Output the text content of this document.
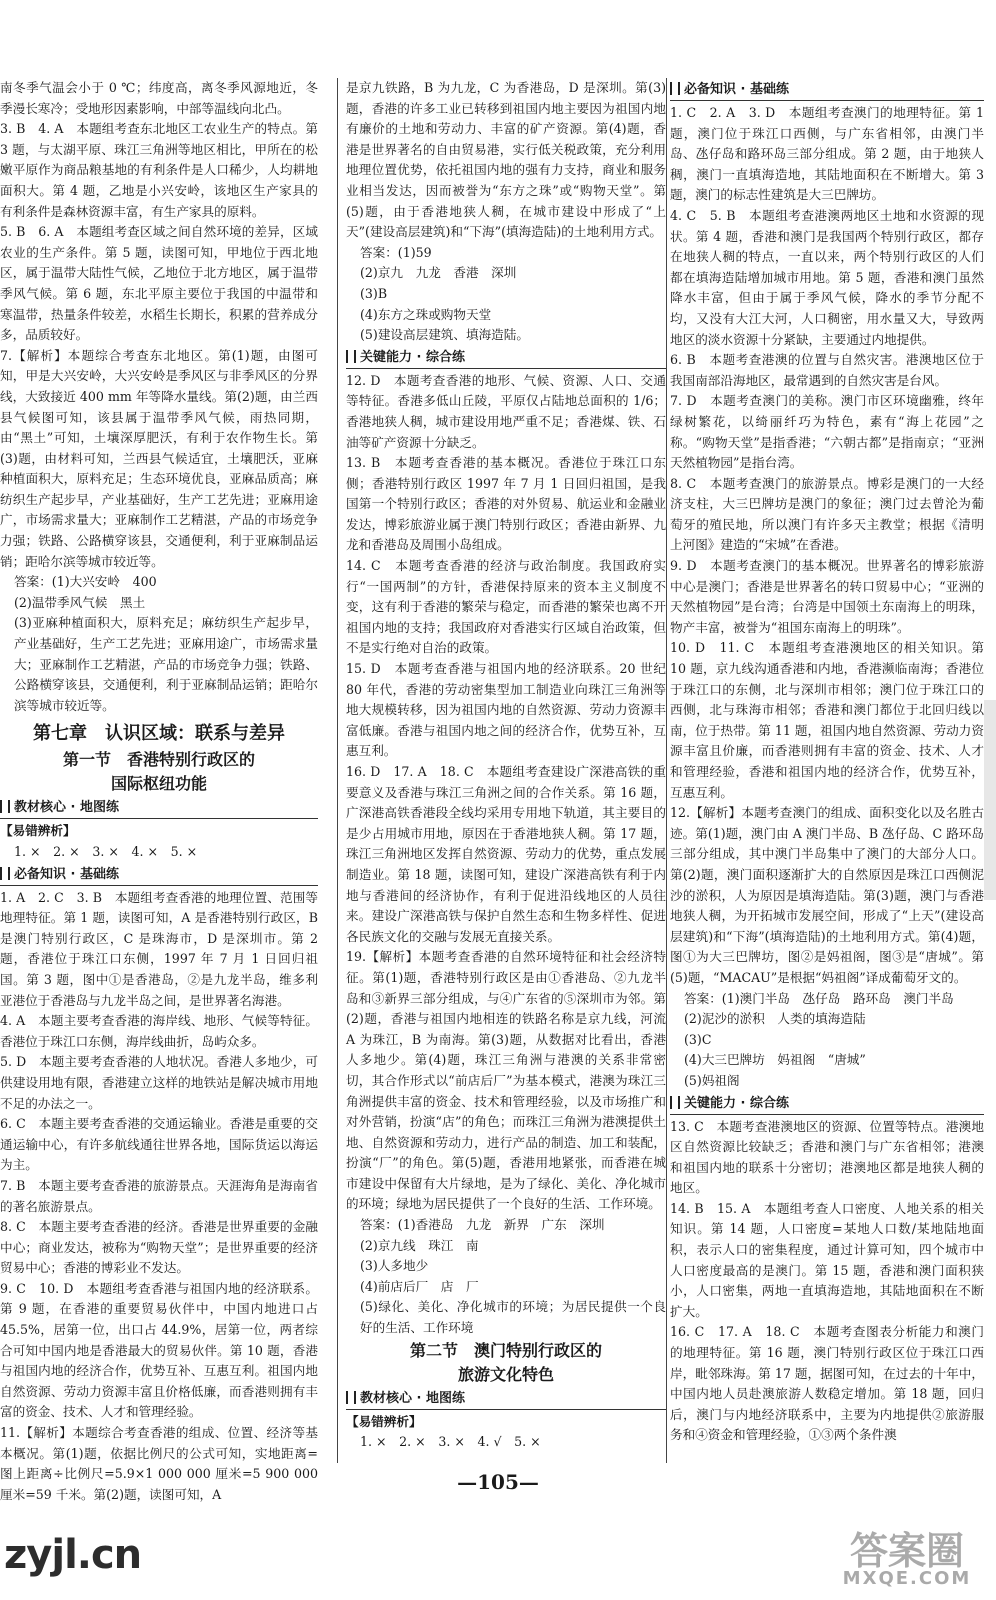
南冬季气温会小于 0 ℃；纬度高，离冬季风源地近，冬季漫长寒冷；受地形因素影响，中部等温线向北凸。
3. B　4. A　本题组考查东北地区工农业生产的特点。第 3 题，与太湖平原、珠江三角洲等地区相比，甲所在的松嫩平原作为商品粮基地的有利条件是人口稀少，人均耕地面积大。第 4 题，乙地是小兴安岭，该地区生产家具的有利条件是森林资源丰富，有生产家具的原料。
5. B　6. A　本题组考查区域之间自然环境的差异，区域农业的生产条件。第 5 题，读图可知，甲地位于西北地区，属于温带大陆性气候，乙地位于北方地区，属于温带季风气候。第 6 题，东北平原主要位于我国的中温带和寒温带，热量条件较差，水稻生长期长，积累的营养成分多，品质较好。
7.【解析】本题综合考查东北地区。第(1)题，由图可知，甲是大兴安岭，大兴安岭是季风区与非季风区的分界线，大致接近 400 mm 年等降水量线。第(2)题，由兰西县气候图可知，该县属于温带季风气候，雨热同期，由“黑土”可知，土壤深厚肥沃，有利于农作物生长。第(3)题，由材料可知，兰西县气候适宜，土壤肥沃，亚麻种植面积大，原料充足；生态环境优良，亚麻品质高；麻纺织生产起步早，产业基础好，生产工艺先进；亚麻用途广，市场需求量大；亚麻制作工艺精湛，产品的市场竞争力强；铁路、公路横穿该县，交通便利，利于亚麻制品运销；距哈尔滨等城市较近等。
答案：(1)大兴安岭　400
(2)温带季风气候　黑土
(3)亚麻种植面积大，原料充足；麻纺织生产起步早，产业基础好，生产工艺先进；亚麻用途广，市场需求量大；亚麻制作工艺精湛，产品的市场竞争力强；铁路、公路横穿该县，交通便利，利于亚麻制品运销；距哈尔滨等城市较近等。
第七章　认识区域：联系与差异
第一节　香港特别行政区的
国际枢纽功能
教材核心 · 地图练
【易错辨析】
1. ×　2. ×　3. ×　4. ×　5. ×
必备知识 · 基础练
1. A　2. C　3. B　本题组考查香港的地理位置、范围等地理特征。第 1 题，读图可知，A 是香港特别行政区，B 是澳门特别行政区，C 是珠海市，D 是深圳市。第 2 题，香港位于珠江口东侧，1997 年 7 月 1 日回归祖国。第 3 题，图中①是香港岛，②是九龙半岛，维多利亚港位于香港岛与九龙半岛之间，是世界著名海港。
4. A　本题主要考查香港的海岸线、地形、气候等特征。香港位于珠江口东侧，海岸线曲折，岛屿众多。
5. D　本题主要考查香港的人地状况。香港人多地少，可供建设用地有限，香港建立这样的地铁站是解决城市用地不足的办法之一。
6. C　本题主要考查香港的交通运输业。香港是重要的交通运输中心，有许多航线通往世界各地，国际货运以海运为主。
7. B　本题主要考查香港的旅游景点。天涯海角是海南省的著名旅游景点。
8. C　本题主要考查香港的经济。香港是世界重要的金融中心；商业发达，被称为“购物天堂”；是世界重要的经济贸易中心；香港的博彩业不发达。
9. C　10. D　本题组考查香港与祖国内地的经济联系。第 9 题，在香港的重要贸易伙伴中，中国内地进口占 45.5%，居第一位，出口占 44.9%，居第一位，两者综合可知中国内地是香港最大的贸易伙伴。第 10 题，香港与祖国内地的经济合作，优势互补、互惠互利。祖国内地自然资源、劳动力资源丰富且价格低廉，而香港则拥有丰富的资金、技术、人才和管理经验。
11.【解析】本题综合考查香港的组成、位置、经济等基本概况。第(1)题，依据比例尺的公式可知，实地距离=图上距离÷比例尺=5.9×1 000 000 厘米=5 900 000 厘米=59 千米。第(2)题，读图可知，A
是京九铁路，B 为九龙，C 为香港岛，D 是深圳。第(3)题，香港的许多工业已转移到祖国内地主要因为祖国内地有廉价的土地和劳动力、丰富的矿产资源。第(4)题，香港是世界著名的自由贸易港，实行低关税政策，充分利用地理位置优势，依托祖国内地的强有力支持，商业和服务业相当发达，因而被誉为“东方之珠”或“购物天堂”。第(5)题，由于香港地狭人稠，在城市建设中形成了“上天”(建设高层建筑)和“下海”(填海造陆)的土地利用方式。
答案：(1)59
(2)京九　九龙　香港　深圳
(3)B
(4)东方之珠或购物天堂
(5)建设高层建筑、填海造陆。
关键能力 · 综合练
12. D　本题考查香港的地形、气候、资源、人口、交通等特征。香港多低山丘陵，平原仅占陆地总面积的 1/6；香港地狭人稠，城市建设用地严重不足；香港煤、铁、石油等矿产资源十分缺乏。
13. B　本题考查香港的基本概况。香港位于珠江口东侧；香港特别行政区 1997 年 7 月 1 日回归祖国，是我国第一个特别行政区；香港的对外贸易、航运业和金融业发达，博彩旅游业属于澳门特别行政区；香港由新界、九龙和香港岛及周围小岛组成。
14. C　本题考查香港的经济与政治制度。我国政府实行“一国两制”的方针，香港保持原来的资本主义制度不变，这有利于香港的繁荣与稳定，而香港的繁荣也离不开祖国内地的支持；我国政府对香港实行区域自治政策，但不是实行绝对自治的政策。
15. D　本题考查香港与祖国内地的经济联系。20 世纪 80 年代，香港的劳动密集型加工制造业向珠江三角洲等地大规模转移，因为祖国内地的自然资源、劳动力资源丰富低廉。香港与祖国内地之间的经济合作，优势互补，互惠互利。
16. D　17. A　18. C　本题组考查建设广深港高铁的重要意义及香港与珠江三角洲之间的合作关系。第 16 题，广深港高铁香港段全线均采用专用地下轨道，其主要目的是少占用城市用地，原因在于香港地狭人稠。第 17 题，珠江三角洲地区发挥自然资源、劳动力的优势，重点发展制造业。第 18 题，读图可知，建设广深港高铁有利于内地与香港间的经济协作，有利于促进沿线地区的人员往来。建设广深港高铁与保护自然生态和生物多样性、促进各民族文化的交融与发展无直接关系。
19.【解析】本题考查香港的自然环境特征和社会经济特征。第(1)题，香港特别行政区是由①香港岛、②九龙半岛和③新界三部分组成，与④广东省的⑤深圳市为邻。第(2)题，香港与祖国内地相连的铁路名称是京九线，河流 A 为珠江，B 为南海。第(3)题，从数据对比看出，香港人多地少。第(4)题，珠江三角洲与港澳的关系非常密切，其合作形式以“前店后厂”为基本模式，港澳为珠江三角洲提供丰富的资金、技术和管理经验，以及市场推广和对外营销，扮演“店”的角色；而珠江三角洲为港澳提供土地、自然资源和劳动力，进行产品的制造、加工和装配，扮演“厂”的角色。第(5)题，香港用地紧张，而香港在城市建设中保留有大片绿地，是为了绿化、美化、净化城市的环境；绿地为居民提供了一个良好的生活、工作环境。
答案：(1)香港岛　九龙　新界　广东　深圳
(2)京九线　珠江　南
(3)人多地少
(4)前店后厂　店　厂
(5)绿化、美化、净化城市的环境；为居民提供一个良好的生活、工作环境
第二节　澳门特别行政区的
旅游文化特色
教材核心 · 地图练
【易错辨析】
1. ×　2. ×　3. ×　4. √　5. ×
必备知识 · 基础练
1. C　2. A　3. D　本题组考查澳门的地理特征。第 1 题，澳门位于珠江口西侧，与广东省相邻，由澳门半岛、氹仔岛和路环岛三部分组成。第 2 题，由于地狭人稠，澳门一直填海造地，其陆地面积在不断增大。第 3 题，澳门的标志性建筑是大三巴牌坊。
4. C　5. B　本题组考查港澳两地区土地和水资源的现状。第 4 题，香港和澳门是我国两个特别行政区，都存在地狭人稠的特点，一直以来，两个特别行政区的人们都在填海造陆增加城市用地。第 5 题，香港和澳门虽然降水丰富，但由于属于季风气候，降水的季节分配不均，又没有大江大河，人口稠密，用水量又大，导致两地区的淡水资源十分紧缺，主要通过内地提供。
6. B　本题考查港澳的位置与自然灾害。港澳地区位于我国南部沿海地区，最常遇到的自然灾害是台风。
7. D　本题考查澳门的美称。澳门市区环境幽雅，终年绿树繁花，以绮丽纤巧为特色，素有“海上花园”之称。“购物天堂”是指香港；“六朝古都”是指南京；“亚洲天然植物园”是指台湾。
8. C　本题考查澳门的旅游景点。博彩是澳门的一大经济支柱，大三巴牌坊是澳门的象征；澳门过去曾沦为葡萄牙的殖民地，所以澳门有许多天主教堂；根据《清明上河图》建造的“宋城”在香港。
9. D　本题考查澳门的基本概况。世界著名的博彩旅游中心是澳门；香港是世界著名的转口贸易中心；“亚洲的天然植物园”是台湾；台湾是中国领土东南海上的明珠，物产丰富，被誉为“祖国东南海上的明珠”。
10. D　11. C　本题组考查港澳地区的相关知识。第 10 题，京九线沟通香港和内地，香港濒临南海；香港位于珠江口的东侧，北与深圳市相邻；澳门位于珠江口的西侧，北与珠海市相邻；香港和澳门都位于北回归线以南，位于热带。第 11 题，祖国内地自然资源、劳动力资源丰富且价廉，而香港则拥有丰富的资金、技术、人才和管理经验，香港和祖国内地的经济合作，优势互补，互惠互利。
12.【解析】本题考查澳门的组成、面积变化以及名胜古迹。第(1)题，澳门由 A 澳门半岛、B 氹仔岛、C 路环岛三部分组成，其中澳门半岛集中了澳门的大部分人口。第(2)题，澳门面积逐渐扩大的自然原因是珠江口西侧泥沙的淤积，人为原因是填海造陆。第(3)题，澳门与香港地狭人稠，为开拓城市发展空间，形成了“上天”(建设高层建筑)和“下海”(填海造陆)的土地利用方式。第(4)题，图①为大三巴牌坊，图②是妈祖阁，图③是“唐城”。第(5)题，“MACAU”是根据“妈祖阁”译成葡萄牙文的。
答案：(1)澳门半岛　氹仔岛　路环岛　澳门半岛
(2)泥沙的淤积　人类的填海造陆
(3)C
(4)大三巴牌坊　妈祖阁　“唐城”
(5)妈祖阁
关键能力 · 综合练
13. C　本题考查港澳地区的资源、位置等特点。港澳地区自然资源比较缺乏；香港和澳门与广东省相邻；港澳和祖国内地的联系十分密切；港澳地区都是地狭人稠的地区。
14. B　15. A　本题组考查人口密度、人地关系的相关知识。第 14 题，人口密度=某地人口数/某地陆地面积，表示人口的密集程度，通过计算可知，四个城市中人口密度最高的是澳门。第 15 题，香港和澳门面积狭小，人口密集，两地一直填海造地，其陆地面积在不断扩大。
16. C　17. A　18. C　本题考查图表分析能力和澳门的地理特征。第 16 题，澳门特别行政区位于珠江口西岸，毗邻珠海。第 17 题，据图可知，在过去的十年中，中国内地人员赴澳旅游人数稳定增加。第 18 题，回归后，澳门与内地经济联系中，主要为内地提供②旅游服务和④资金和管理经验，①③两个条件澳
—105—
zyjl.cn	答案圈
MXQE.COM
